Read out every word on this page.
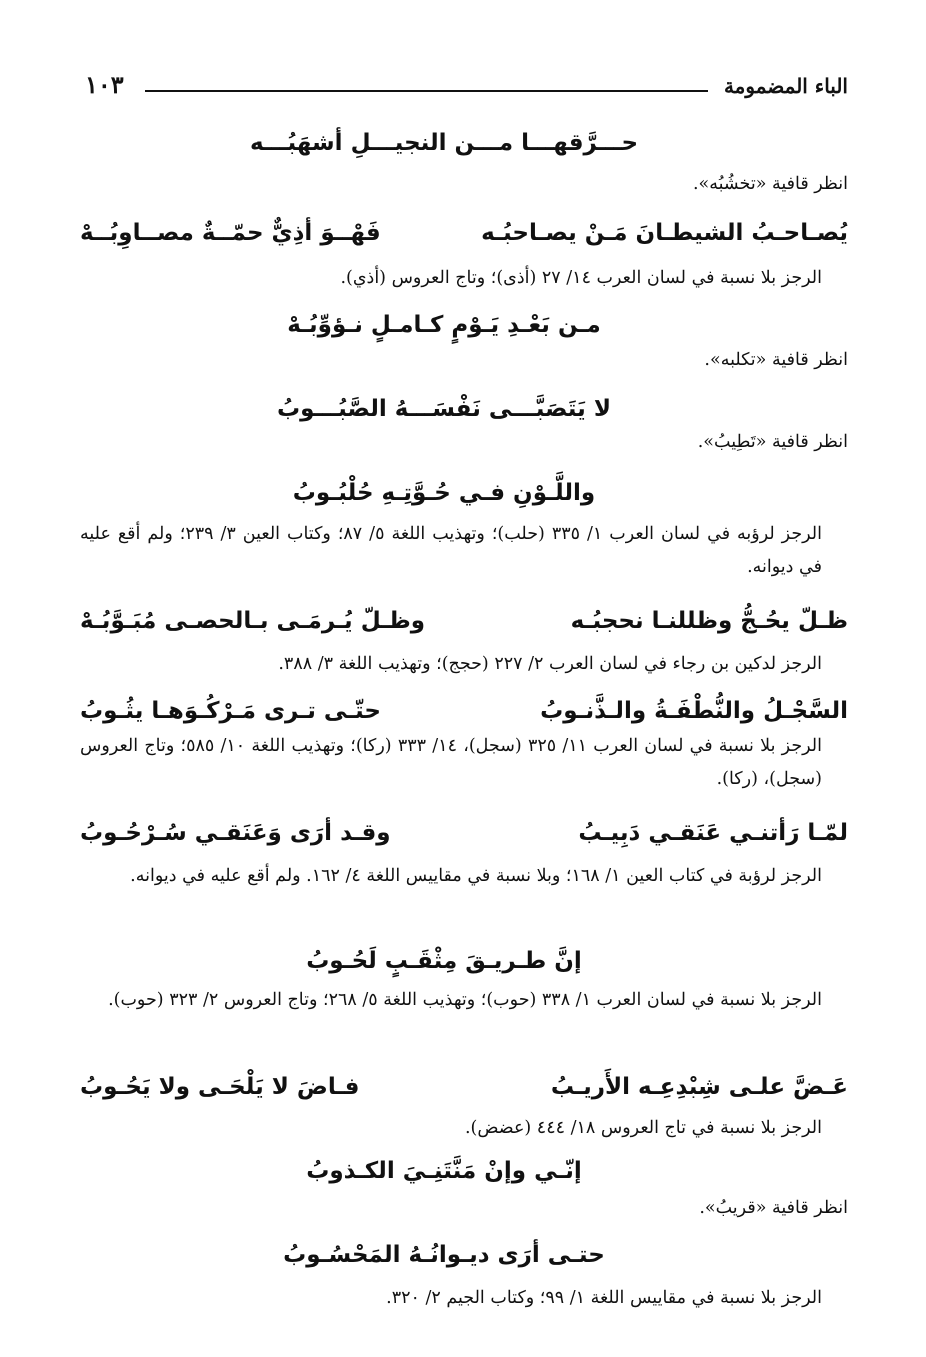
الباء المضمومة
١٠٣
حـــرَّقهـــا مـــن النجيـــلِ أشهَبُـــه
انظر قافية «تخشُبُه».
يُصـاحـبُ الشيطـانَ مَـنْ يصـاحبُـه
فَهْــوَ أذِيٌّ حمّــةٌ مصــاوِبُــهْ
الرجز بلا نسبة في لسان العرب ١٤/ ٢٧ (أذى)؛ وتاج العروس (أذي).
مـن بَعْـدِ يَـوْمٍ كـامـلٍ نـؤوِّبُـهْ
انظر قافية «تكلبه».
لا يَتَصَبَّـــى نَفْسَـــهُ الصَّبُـــوبُ
انظر قافية «تَطِيبُ».
واللَّـوْنِ فـي حُـوَّتِـهِ حُلْبُـوبُ
الرجز لرؤبه في لسان العرب ١/ ٣٣٥ (حلب)؛ وتهذيب اللغة ٥/ ٨٧؛ وكتاب العين ٣/ ٢٣٩؛ ولم أقع عليه في ديوانه.
ظـلّ يحُـجُّ وظللنـا نحجبُـه
وظـلّ يُـرمَـى بـالحصـى مُبَـوَّبُـهْ
الرجز لدكين بن رجاء في لسان العرب ٢/ ٢٢٧ (حجج)؛ وتهذيب اللغة ٣/ ٣٨٨.
السَّجْـلُ والنُّطْفَـةُ والـذَّنـوبُ
حتّـى تـرى مَـرْكُـوَهـا يثُـوبُ
الرجز بلا نسبة في لسان العرب ١١/ ٣٢٥ (سجل)، ١٤/ ٣٣٣ (ركا)؛ وتهذيب اللغة ١٠/ ٥٨٥؛ وتاج العروس (سجل)، (ركا).
لمّـا رَأتنـي عَنَقـي دَبِيـبُ
وقـد أرَى وَعَنَقـي سُـرْحُـوبُ
الرجز لرؤبة في كتاب العين ١/ ١٦٨؛ وبلا نسبة في مقاييس اللغة ٤/ ١٦٢. ولم أقع عليه في ديوانه.
إنَّ طـريـقَ مِثْقَـبٍ لَحُـوبُ
الرجز بلا نسبة في لسان العرب ١/ ٣٣٨ (حوب)؛ وتهذيب اللغة ٥/ ٢٦٨؛ وتاج العروس ٢/ ٣٢٣ (حوب).
عَـضَّ علـى شِبْدِعِـه الأَريـبُ
فـاضَ لا يَلْحَـى ولا يَحُـوبُ
الرجز بلا نسبة في تاج العروس ١٨/ ٤٤٤ (عضض).
إنّـي وإنْ مَنَّتَنِـيَ الكـذوبُ
انظر قافية «قريبُ».
حتـى أرَى ديـوانُـهُ المَحْسُـوبُ
الرجز بلا نسبة في مقاييس اللغة ١/ ٩٩؛ وكتاب الجيم ٢/ ٣٢٠.
